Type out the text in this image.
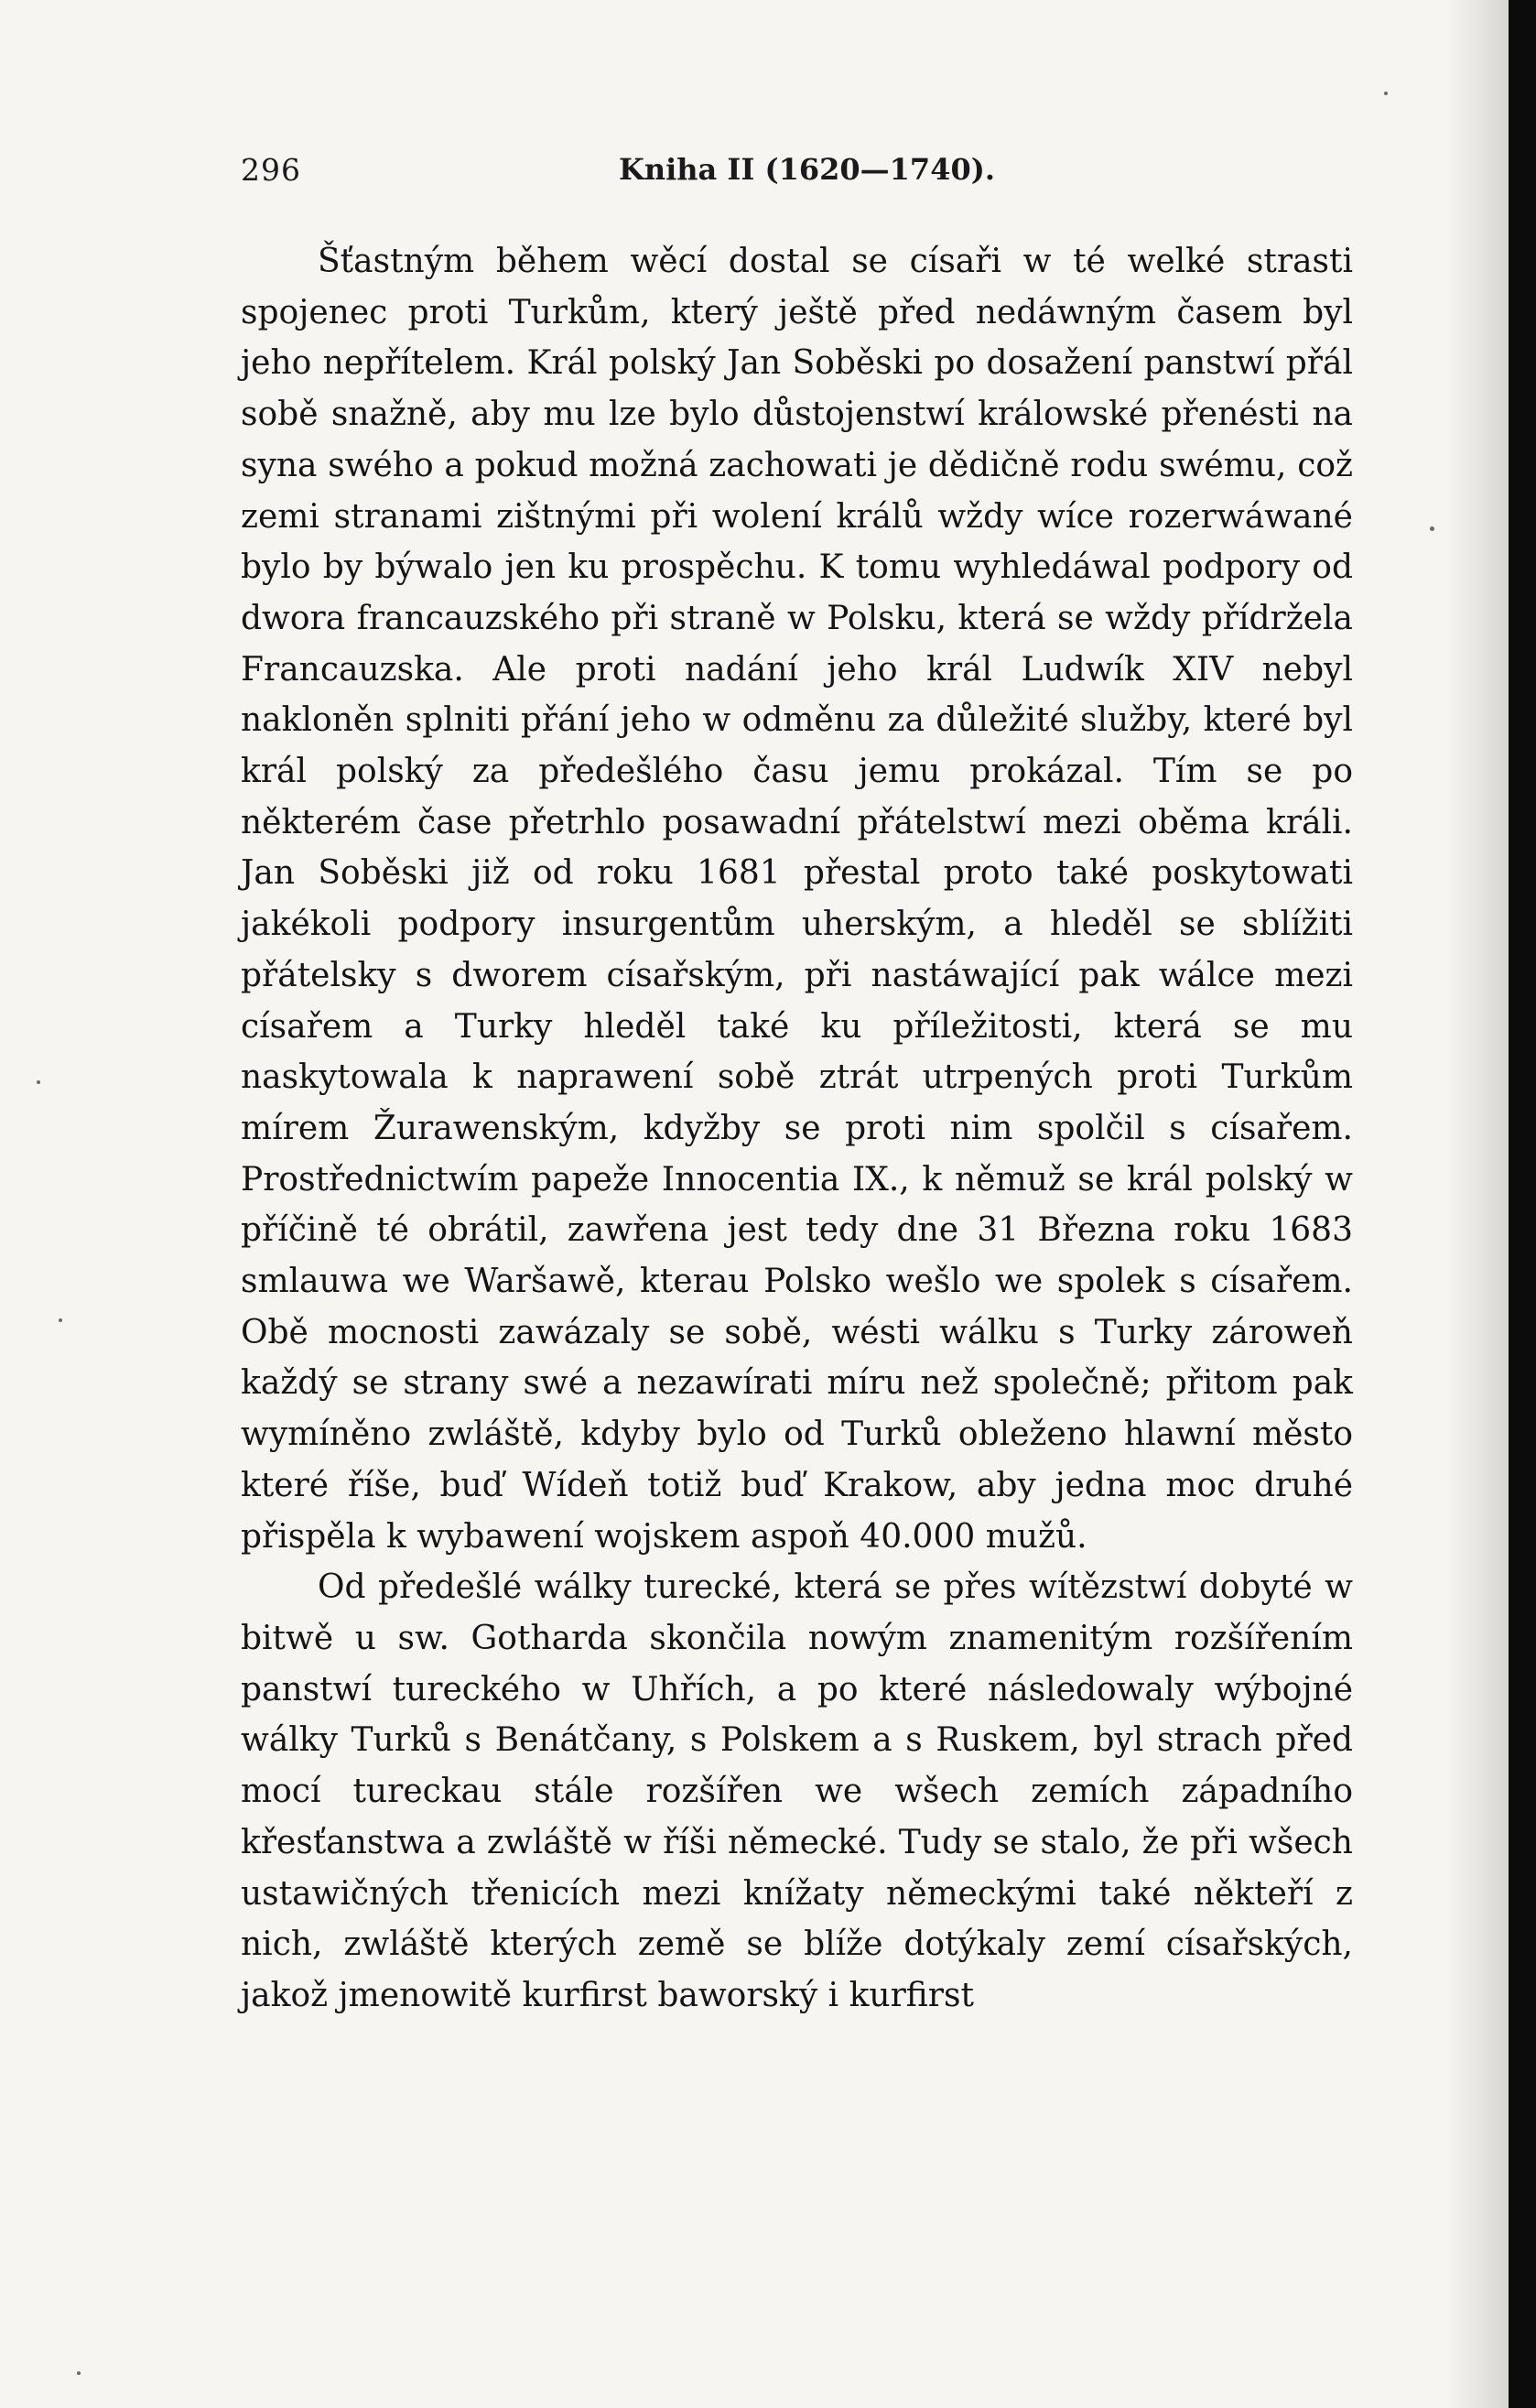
296	Kniha II (1620—1740).

Šťastným během wěcí dostal se císaři w té welké strasti spojenec proti Turkům, který ještě před nedáwným časem byl jeho nepřítelem. Král polský Jan Soběski po dosažení panstwí přál sobě snažně, aby mu lze bylo důstojenstwí králowské přenésti na syna swého a pokud možná zachowati je dědičně rodu swému, což zemi stranami zištnými při wolení králů wždy wíce rozerwáwané bylo by býwalo jen ku prospěchu. K tomu wyhledáwal podpory od dwora francauzského při straně w Polsku, která se wždy přídržela Francauzska. Ale proti nadání jeho král Ludwík XIV nebyl nakloněn splniti přání jeho w odměnu za důležité služby, které byl král polský za předešlého času jemu prokázal. Tím se po některém čase přetrhlo posawadní přátelstwí mezi oběma králi. Jan Soběski již od roku 1681 přestal proto také poskytowati jakékoli podpory insurgentům uherským, a hleděl se sblížiti přátelsky s dworem císařským, při nastáwající pak wálce mezi císařem a Turky hleděl také ku příležitosti, která se mu naskytowala k naprawení sobě ztrát utrpených proti Turkům mírem Žurawenským, kdyžby se proti nim spolčil s císařem. Prostřednictwím papeže Innocentia IX., k němuž se král polský w příčině té obrátil, zawřena jest tedy dne 31 Března roku 1683 smlauwa we Waršawě, kterau Polsko wešlo we spolek s císařem. Obě mocnosti zawázaly se sobě, wésti wálku s Turky zároweň každý se strany swé a nezawírati míru než společně; přitom pak wymíněno zwláště, kdyby bylo od Turků obleženo hlawní město které říše, buď Wídeň totiž buď Krakow, aby jedna moc druhé přispěla k wybawení wojskem aspoň 40.000 mužů.

Od předešlé wálky turecké, která se přes wítězstwí dobyté w bitwě u sw. Gotharda skončila nowým znamenitým rozšířením panstwí tureckého w Uhřích, a po které následowaly wýbojné wálky Turků s Benátčany, s Polskem a s Ruskem, byl strach před mocí tureckau stále rozšířen we wšech zemích západního křesťanstwa a zwláště w říši německé. Tudy se stalo, že při wšech ustawičných třenicích mezi knížaty německými také někteří z nich, zwláště kterých země se blíže dotýkaly zemí císařských, jakož jmenowitě kurfirst baworský i kurfirst
